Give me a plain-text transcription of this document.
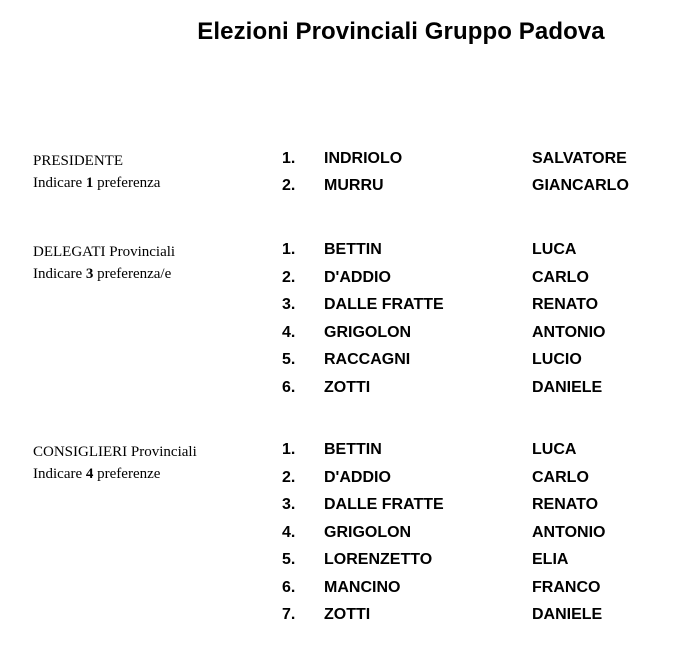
Elezioni Provinciali Gruppo Padova
PRESIDENTE
Indicare 1 preferenza
1. INDRIOLO	SALVATORE
2. MURRU	GIANCARLO
DELEGATI Provinciali
Indicare 3 preferenza/e
1. BETTIN	LUCA
2. D'ADDIO	CARLO
3. DALLE FRATTE	RENATO
4. GRIGOLON	ANTONIO
5. RACCAGNI	LUCIO
6. ZOTTI	DANIELE
CONSIGLIERI Provinciali
Indicare 4 preferenze
1. BETTIN	LUCA
2. D'ADDIO	CARLO
3. DALLE FRATTE	RENATO
4. GRIGOLON	ANTONIO
5. LORENZETTO	ELIA
6. MANCINO	FRANCO
7. ZOTTI	DANIELE
